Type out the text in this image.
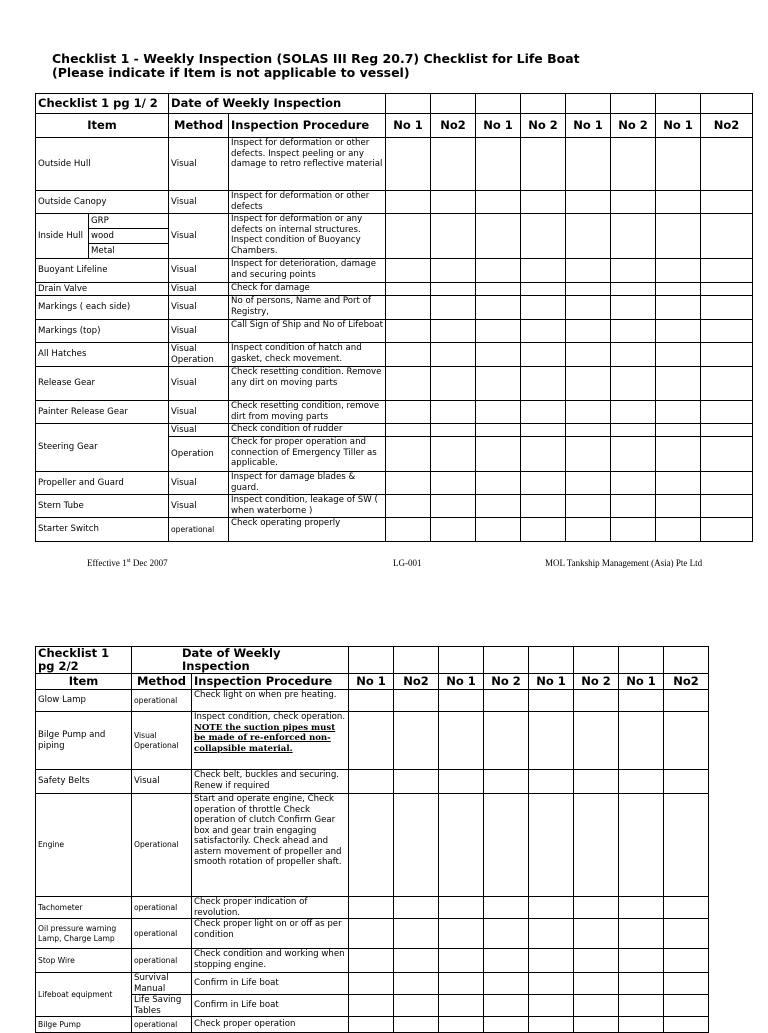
Checklist 1 - Weekly Inspection (SOLAS III Reg 20.7) Checklist for Life Boat
(Please indicate if Item is not applicable to vessel)
Checklist 1 pg 1/ 2		Date of Weekly Inspection									
Item		Method	Inspection Procedure	No 1	No2	No 1	No 2	No 1	No 2	No 1	No2
Outside Hull		Visual	Inspect for deformation or other defects. Inspect peeling or any damage to retro reflective material								
Outside Canopy		Visual	Inspect for deformation or other defects								
Inside Hull	GRP	Visual	Inspect for deformation or any defects on internal structures. Inspect condition of Buoyancy Chambers.								
	wood										
	Metal										
Buoyant Lifeline		Visual	Inspect for deterioration, damage and securing points								
Drain Valve		Visual	Check for damage								
Markings ( each side)		Visual	No of persons, Name and Port of Registry,								
Markings (top)		Visual	Call Sign of Ship and No of Lifeboat								
All Hatches		Visual Operation	Inspect condition of hatch and gasket, check movement.								
Release Gear		Visual	Check resetting condition. Remove any dirt on moving parts								
Painter Release Gear		Visual	Check resetting condition, remove dirt from moving parts								
Steering Gear		Visual	Check condition of rudder								
		Operation	Check for proper operation and connection of Emergency Tiller as applicable.								
Propeller and Guard		Visual	Inspect for damage blades & guard.								
Stern Tube		Visual	Inspect condition, leakage of SW ( when waterborne )								
Starter Switch		operational	Check operating properly								
Effective 1st Dec 2007	LG-001	MOL Tankship Management (Asia) Pte Ltd
Checklist 1 pg 2/2	Date of Weekly Inspection									
Item	Method	Inspection Procedure	No 1	No2	No 1	No 2	No 1	No 2	No 1	No2
Glow Lamp	operational	Check light on when pre heating.								
Bilge Pump and piping	Visual Operational	Inspect condition, check operation. NOTE the suction pipes must be made of re-enforced non-collapsible material.								
Safety Belts	Visual	Check belt, buckles and securing. Renew if required								
Engine	Operational	Start and operate engine, Check operation of throttle Check operation of clutch Confirm Gear box and gear train engaging satisfactorily. Check ahead and astern movement of propeller and smooth rotation of propeller shaft.								
Tachometer	operational	Check proper indication of revolution.								
Oil pressure warning Lamp, Charge Lamp	operational	Check proper light on or off as per condition								
Stop Wire	operational	Check condition and working when stopping engine.								
Lifeboat equipment	Survival Manual	Confirm in Life boat								
	Life Saving Tables	Confirm in Life boat								
Bilge Pump	operational	Check proper operation								
